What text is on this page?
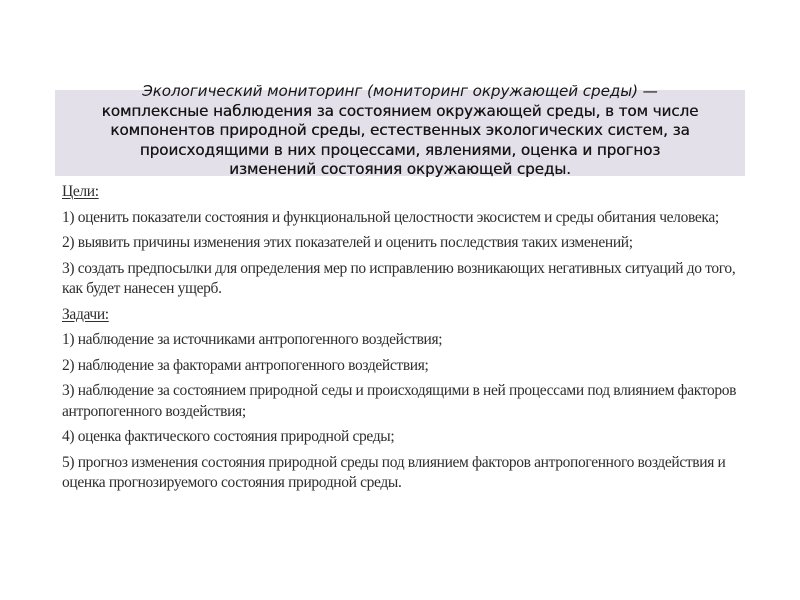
Экологический мониторинг (мониторинг окружающей среды) —
комплексные наблюдения за состоянием окружающей среды, в том числе
компонентов природной среды, естественных экологических систем, за
происходящими в них процессами, явлениями, оценка и прогноз
изменений состояния окружающей среды.

Цели:

1) оценить показатели состояния и функциональной целостности экосистем и среды обитания человека;

2) выявить причины изменения этих показателей и оценить последствия таких изменений;

3) создать предпосылки для определения мер по исправлению возникающих негативных ситуаций до того, как будет нанесен ущерб.

Задачи:

1) наблюдение за источниками антропогенного воздействия;

2) наблюдение за факторами антропогенного воздействия;

3) наблюдение за состоянием природной седы и происходящими в ней процессами под влиянием факторов антропогенного воздействия;

4) оценка фактического состояния природной среды;

5) прогноз изменения состояния природной среды под влиянием факторов антропогенного воздействия и оценка прогнозируемого состояния природной среды.
